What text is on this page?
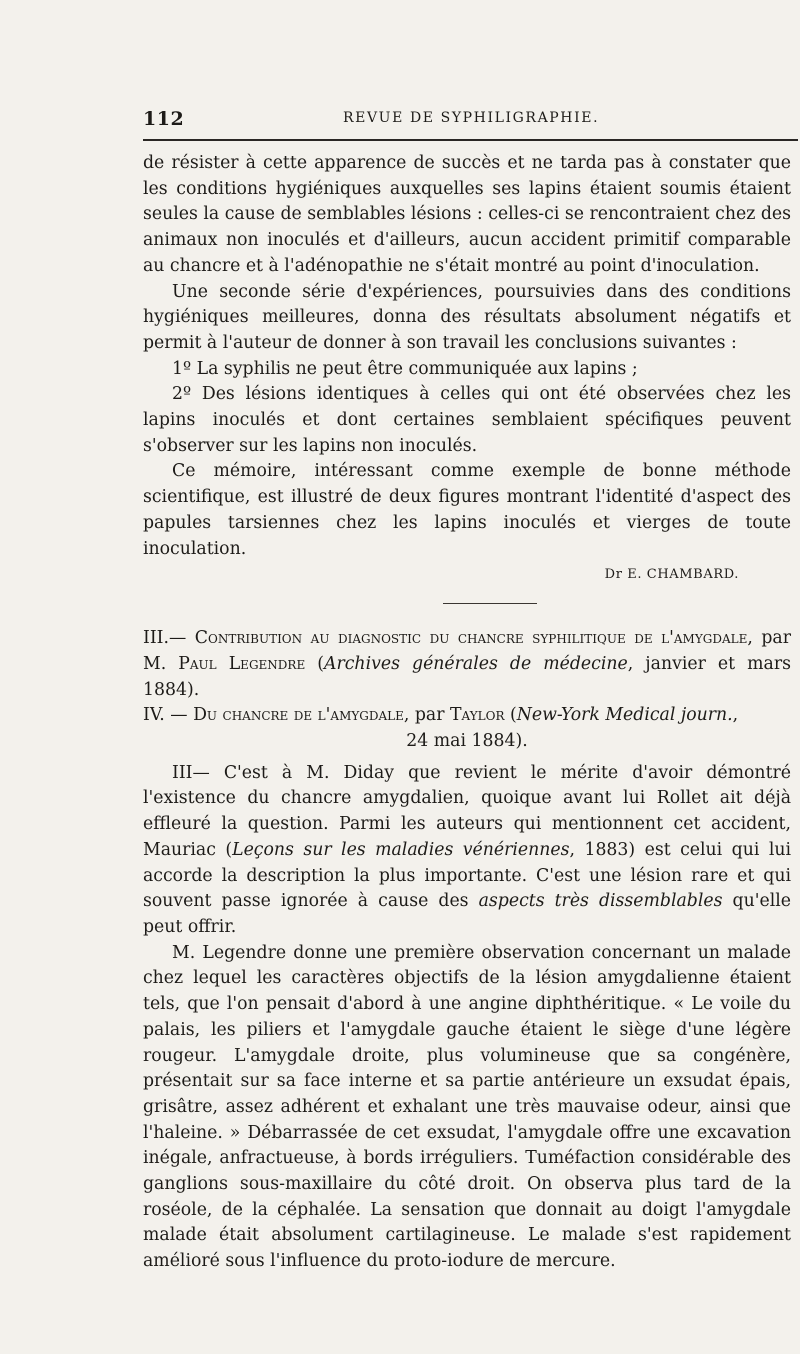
112	REVUE DE SYPHILIGRAPHIE.

de résister à cette apparence de succès et ne tarda pas à constater que les conditions hygiéniques auxquelles ses lapins étaient soumis étaient seules la cause de semblables lésions : celles-ci se rencontraient chez des animaux non inoculés et d'ailleurs, aucun accident primitif comparable au chancre et à l'adénopathie ne s'était montré au point d'inoculation.

Une seconde série d'expériences, poursuivies dans des conditions hygiéniques meilleures, donna des résultats absolument négatifs et permit à l'auteur de donner à son travail les conclusions suivantes :

1º La syphilis ne peut être communiquée aux lapins ;

2º Des lésions identiques à celles qui ont été observées chez les lapins inoculés et dont certaines semblaient spécifiques peuvent s'observer sur les lapins non inoculés.

Ce mémoire, intéressant comme exemple de bonne méthode scientifique, est illustré de deux figures montrant l'identité d'aspect des papules tarsiennes chez les lapins inoculés et vierges de toute inoculation.

Dr E. CHAMBARD.

III.— Contribution au diagnostic du chancre syphilitique de l'amygdale, par M. Paul Legendre (Archives générales de médecine, janvier et mars 1884).

IV. — Du chancre de l'amygdale, par Taylor (New-York Medical journ.,
24 mai 1884).

III— C'est à M. Diday que revient le mérite d'avoir démontré l'existence du chancre amygdalien, quoique avant lui Rollet ait déjà effleuré la question. Parmi les auteurs qui mentionnent cet accident, Mauriac (Leçons sur les maladies vénériennes, 1883) est celui qui lui accorde la description la plus importante. C'est une lésion rare et qui souvent passe ignorée à cause des aspects très dissemblables qu'elle peut offrir.

M. Legendre donne une première observation concernant un malade chez lequel les caractères objectifs de la lésion amygdalienne étaient tels, que l'on pensait d'abord à une angine diphthéritique. « Le voile du palais, les piliers et l'amygdale gauche étaient le siège d'une légère rougeur. L'amygdale droite, plus volumineuse que sa congénère, présentait sur sa face interne et sa partie antérieure un exsudat épais, grisâtre, assez adhérent et exhalant une très mauvaise odeur, ainsi que l'haleine. » Débarrassée de cet exsudat, l'amygdale offre une excavation inégale, anfractueuse, à bords irréguliers. Tuméfaction considérable des ganglions sous-maxillaire du côté droit. On observa plus tard de la roséole, de la céphalée. La sensation que donnait au doigt l'amygdale malade était absolument cartilagineuse. Le malade s'est rapidement amélioré sous l'influence du proto-iodure de mercure.
